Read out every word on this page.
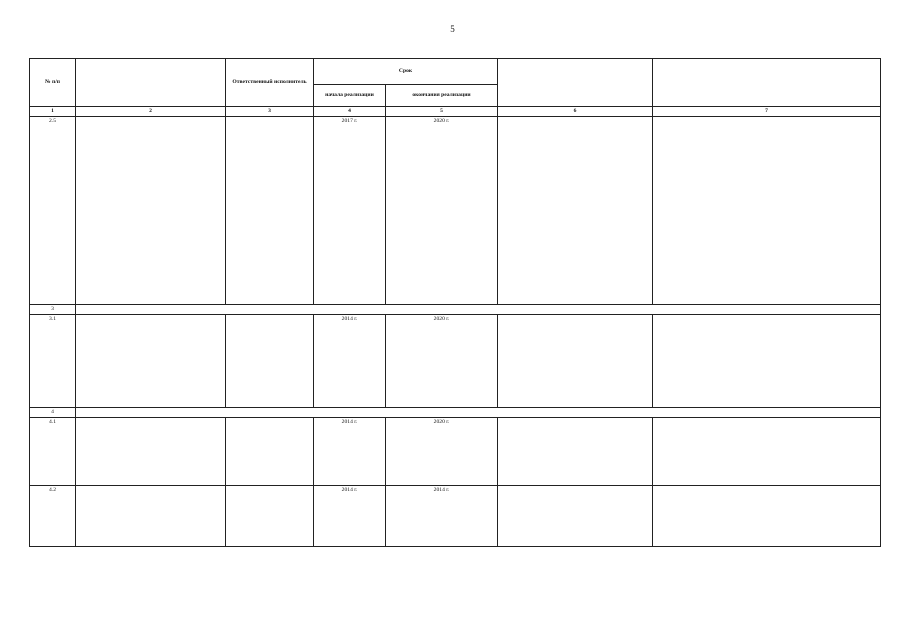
5
№ п/п		Ответственный исполнитель	Срок			
			начала реализации	окончания реализации		
1	2	3	4	5	6	7
2.5			2017 г.	2020 г.		
3						
3.1			2014 г.	2020 г.		
4						
4.1			2014 г.	2020 г.		
4.2			2014 г.	2014 г.		
